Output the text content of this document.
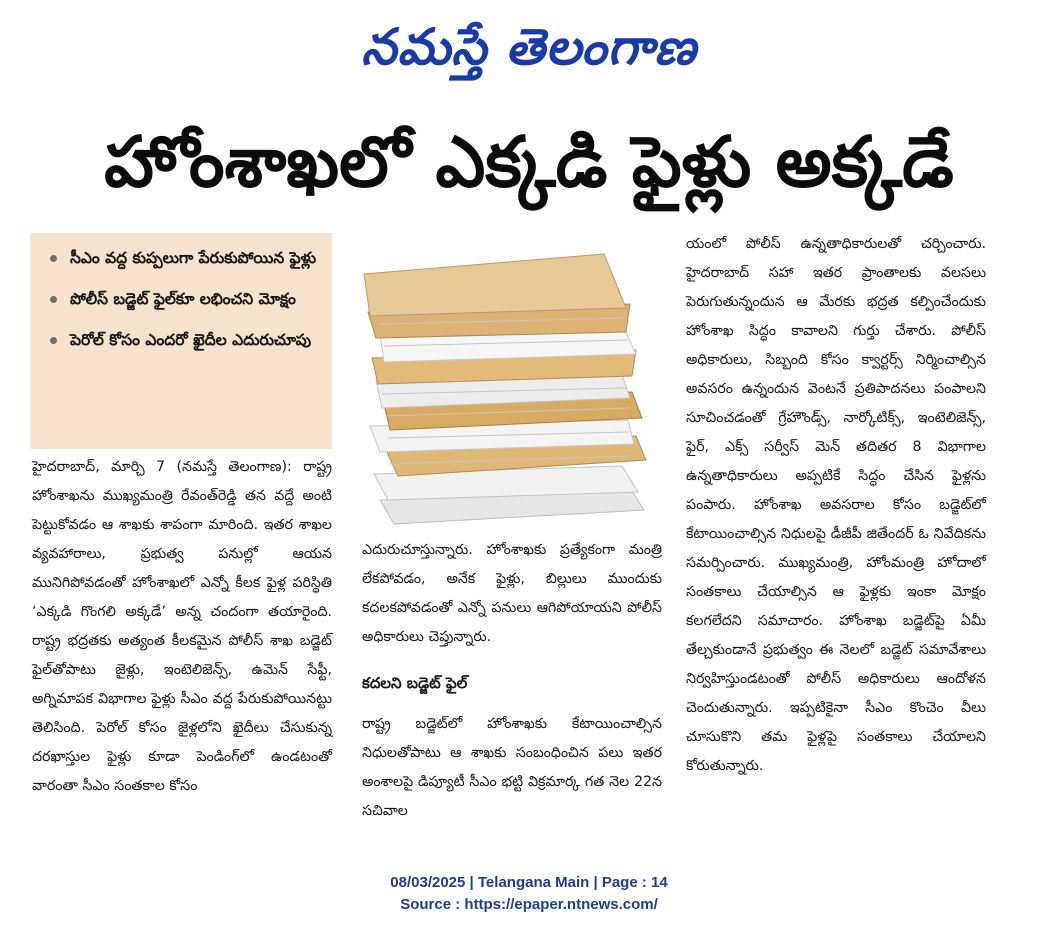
నమస్తే తెలంగాణ
హోంశాఖలో ఎక్కడి ఫైళ్లు అక్కడే
సీఎం వద్ద కుప్పలుగా పేరుకుపోయిన ఫైళ్లు
పోలీస్ బడ్జెట్ ఫైల్‌కూ లభించని మోక్షం
పెరోల్ కోసం ఎందరో ఖైదీల ఎదురుచూపు

హైదరాబాద్, మార్చి 7 (నమస్తే తెలంగాణ): రాష్ట్ర హోంశాఖను ముఖ్యమంత్రి రేవంత్‌రెడ్డి తన వద్దే అంటి పెట్టుకోవడం ఆ శాఖకు శాపంగా మారింది. ఇతర శాఖల వ్యవహారాలు, ప్రభుత్వ పనుల్లో ఆయన మునిగిపోవడంతో హోంశాఖలో ఎన్నో కీలక ఫైళ్ల పరిస్థితి ‘ఎక్కడి గొంగలి అక్కడే’ అన్న చందంగా తయారైంది. రాష్ట్ర భద్రతకు అత్యంత కీలకమైన పోలీస్ శాఖ బడ్జెట్ ఫైల్‌తోపాటు జైళ్లు, ఇంటెలిజెన్స్, ఉమెన్ సేఫ్టీ, అగ్నిమాపక విభాగాల ఫైళ్లు సీఎం వద్ద పేరుకుపోయినట్టు తెలిసింది. పెరోల్ కోసం జైళ్లలోని ఖైదీలు చేసుకున్న దరఖాస్తుల ఫైళ్లు కూడా పెండింగ్‌లో ఉండటంతో వారంతా సీఎం సంతకాల కోసం

ఎదురుచూస్తున్నారు. హోంశాఖకు ప్రత్యేకంగా మంత్రి లేకపోవడం, అనేక ఫైళ్లు, బిల్లులు ముందుకు కదలకపోవడంతో ఎన్నో పనులు ఆగిపోయాయని పోలీస్ అధికారులు చెప్తున్నారు.

కదలని బడ్జెట్ ఫైల్

రాష్ట్ర బడ్జెట్‌లో హోంశాఖకు కేటాయించాల్సిన నిధులతోపాటు ఆ శాఖకు సంబంధించిన పలు ఇతర అంశాలపై డిప్యూటీ సీఎం భట్టి విక్రమార్క గత నెల 22న సచివాల

యంలో పోలీస్ ఉన్నతాధికారులతో చర్చించారు. హైదరాబాద్ సహా ఇతర ప్రాంతాలకు వలసలు పెరుగుతున్నందున ఆ మేరకు భద్రత కల్పించేందుకు హోంశాఖ సిద్ధం కావాలని గుర్తు చేశారు. పోలీస్ అధికారులు, సిబ్బంది కోసం క్వార్టర్స్ నిర్మించాల్సిన అవసరం ఉన్నందున వెంటనే ప్రతిపాదనలు పంపాలని సూచించడంతో గ్రేహౌండ్స్, నార్కోటిక్స్, ఇంటెలిజెన్స్, ఫైర్, ఎక్స్ సర్వీస్ మెన్ తదితర 8 విభాగాల ఉన్నతాధికారులు అప్పటికే సిద్ధం చేసిన ఫైళ్లను పంపారు. హోంశాఖ అవసరాల కోసం బడ్జెట్‌లో కేటాయించాల్సిన నిధులపై డీజీపీ జితేందర్ ఓ నివేదికను సమర్పించారు. ముఖ్యమంత్రి, హోంమంత్రి హోదాలో సంతకాలు చేయాల్సిన ఆ ఫైళ్లకు ఇంకా మోక్షం కలగలేదని సమాచారం. హోంశాఖ బడ్జెట్‌పై ఏమీ తేల్చకుండానే ప్రభుత్వం ఈ నెలలో బడ్జెట్ సమావేశాలు నిర్వహిస్తుండటంతో పోలీస్ అధికారులు ఆందోళన చెందుతున్నారు. ఇప్పటికైనా సీఎం కొంచెం వీలు చూసుకొని తమ ఫైళ్లపై సంతకాలు చేయాలని కోరుతున్నారు.

08/03/2025 | Telangana Main | Page : 14
Source : https://epaper.ntnews.com/
